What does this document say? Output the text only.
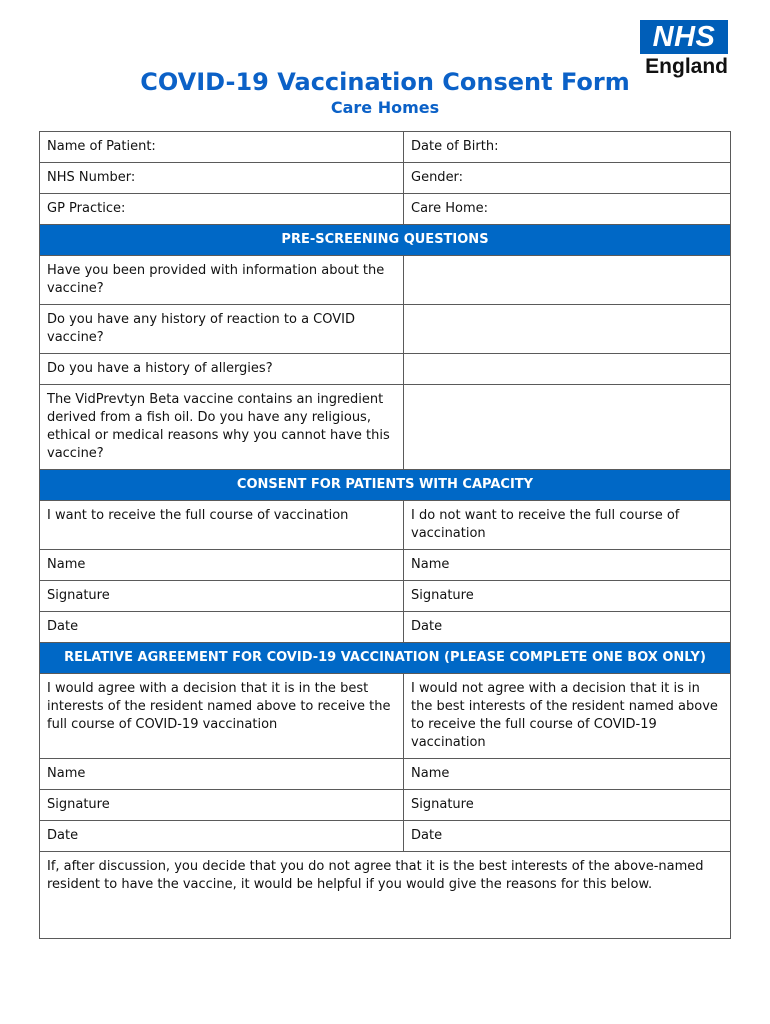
NHS
England
COVID-19 Vaccination Consent Form
Care Homes
Name of Patient:	Date of Birth:
NHS Number:	Gender:
GP Practice:	Care Home:
PRE-SCREENING QUESTIONS	
Have you been provided with information about the vaccine?	
Do you have any history of reaction to a COVID vaccine?	
Do you have a history of allergies?	
The VidPrevtyn Beta vaccine contains an ingredient derived from a fish oil. Do you have any religious, ethical or medical reasons why you cannot have this vaccine?	
CONSENT FOR PATIENTS WITH CAPACITY	
I want to receive the full course of vaccination	I do not want to receive the full course of vaccination
Name	Name
Signature	Signature
Date	Date
RELATIVE AGREEMENT FOR COVID-19 VACCINATION (PLEASE COMPLETE ONE BOX ONLY)	
I would agree with a decision that it is in the best interests of the resident named above to receive the full course of COVID-19 vaccination	I would not agree with a decision that it is in the best interests of the resident named above to receive the full course of COVID-19 vaccination
Name	Name
Signature	Signature
Date	Date
If, after discussion, you decide that you do not agree that it is the best interests of the above-named resident to have the vaccine, it would be helpful if you would give the reasons for this below.	
